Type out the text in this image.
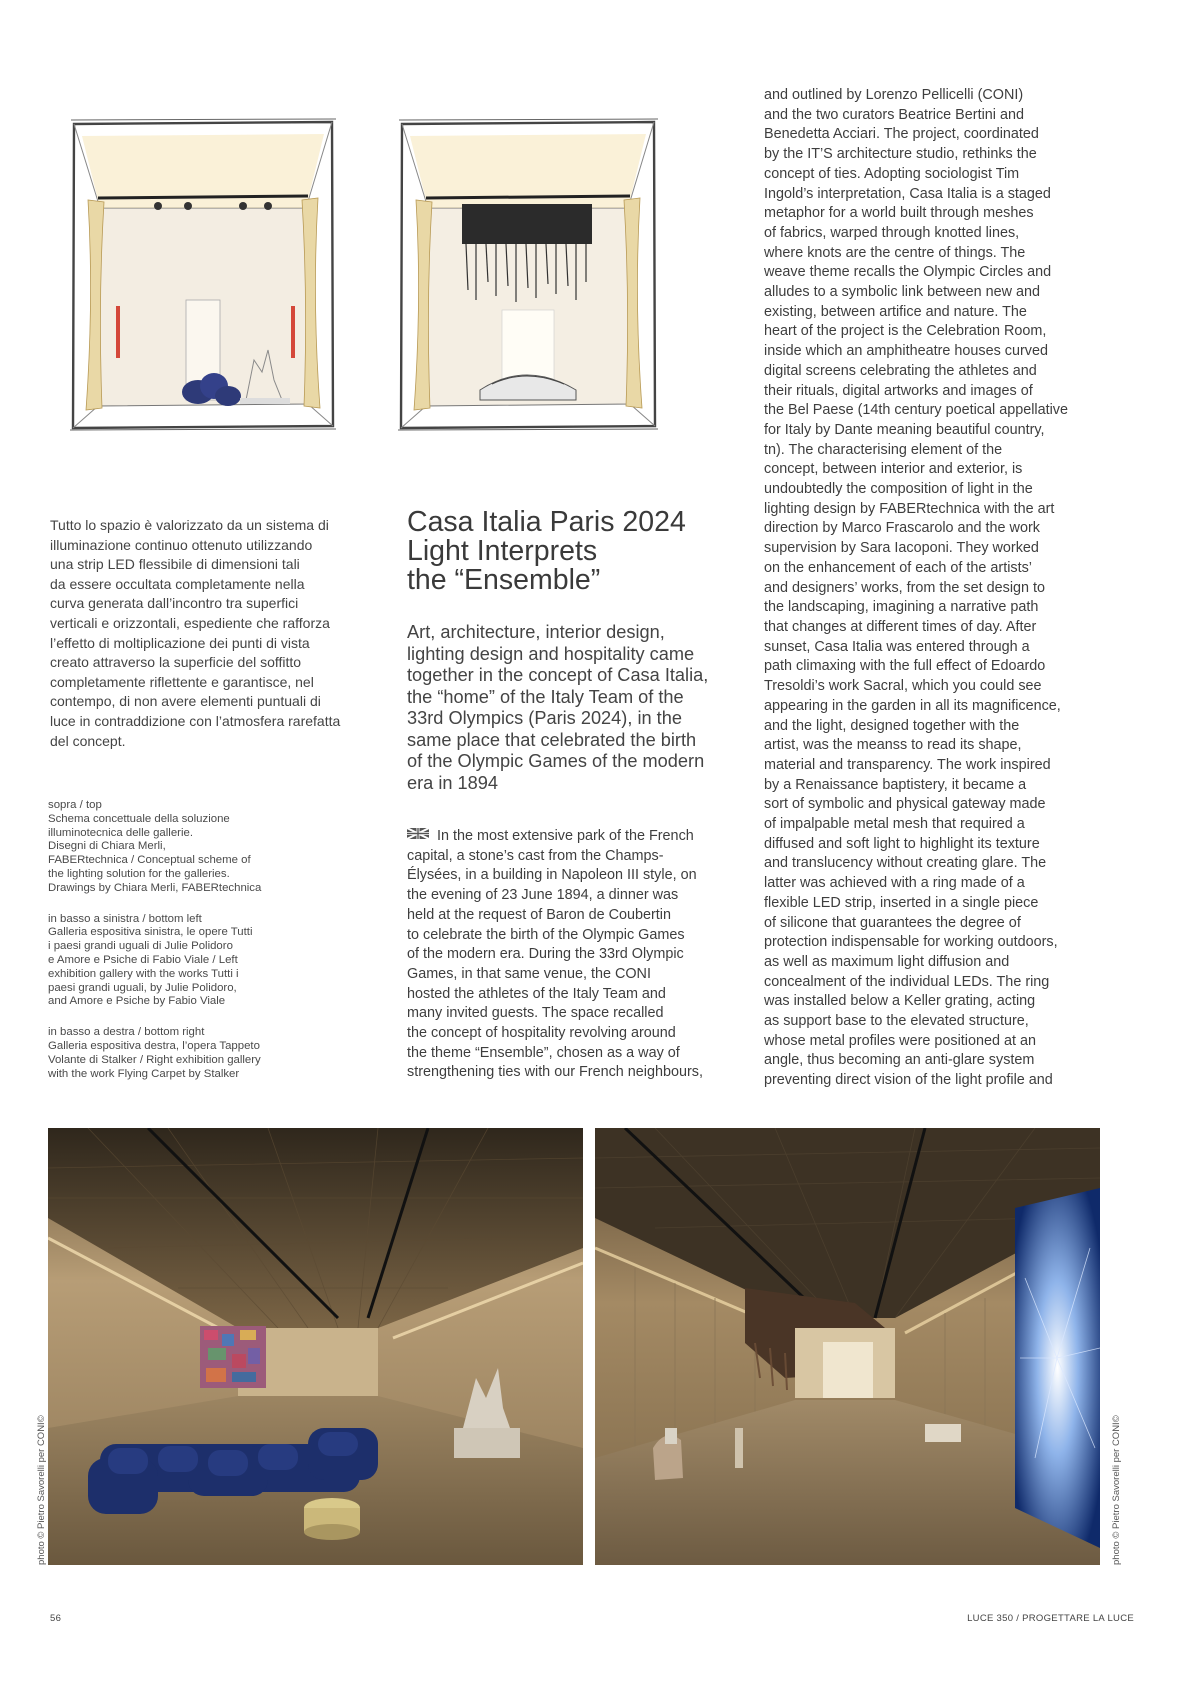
Tutto lo spazio è valorizzato da un sistema di
illuminazione continuo ottenuto utilizzando
una strip LED flessibile di dimensioni tali
da essere occultata completamente nella
curva generata dall’incontro tra superfici
verticali e orizzontali, espediente che rafforza
l’effetto di moltiplicazione dei punti di vista
creato attraverso la superficie del soffitto
completamente riflettente e garantisce, nel
contempo, di non avere elementi puntuali di
luce in contraddizione con l’atmosfera rarefatta
del concept.
sopra / top
Schema concettuale della soluzione
illuminotecnica delle gallerie.
Disegni di Chiara Merli,
FABERtechnica / Conceptual scheme of
the lighting solution for the galleries.
Drawings by Chiara Merli, FABERtechnica
in basso a sinistra / bottom left
Galleria espositiva sinistra, le opere Tutti
i paesi grandi uguali di Julie Polidoro
e Amore e Psiche di Fabio Viale / Left
exhibition gallery with the works Tutti i
paesi grandi uguali, by Julie Polidoro,
and Amore e Psiche by Fabio Viale
in basso a destra / bottom right
Galleria espositiva destra, l’opera Tappeto
Volante di Stalker / Right exhibition gallery
with the work Flying Carpet by Stalker
Casa Italia Paris 2024
Light Interprets
the “Ensemble”
Art, architecture, interior design,
lighting design and hospitality came
together in the concept of Casa Italia,
the “home” of the Italy Team of the
33rd Olympics (Paris 2024), in the
same place that celebrated the birth
of the Olympic Games of the modern
era in 1894
In the most extensive park of the French
capital, a stone’s cast from the Champs-
Élysées, in a building in Napoleon III style, on
the evening of 23 June 1894, a dinner was
held at the request of Baron de Coubertin
to celebrate the birth of the Olympic Games
of the modern era. During the 33rd Olympic
Games, in that same venue, the CONI
hosted the athletes of the Italy Team and
many invited guests. The space recalled
the concept of hospitality revolving around
the theme “Ensemble”, chosen as a way of
strengthening ties with our French neighbours,
and outlined by Lorenzo Pellicelli (CONI)
and the two curators Beatrice Bertini and
Benedetta Acciari. The project, coordinated
by the IT’S architecture studio, rethinks the
concept of ties. Adopting sociologist Tim
Ingold’s interpretation, Casa Italia is a staged
metaphor for a world built through meshes
of fabrics, warped through knotted lines,
where knots are the centre of things. The
weave theme recalls the Olympic Circles and
alludes to a symbolic link between new and
existing, between artifice and nature. The
heart of the project is the Celebration Room,
inside which an amphitheatre houses curved
digital screens celebrating the athletes and
their rituals, digital artworks and images of
the Bel Paese (14th century poetical appellative
for Italy by Dante meaning beautiful country,
tn). The characterising element of the
concept, between interior and exterior, is
undoubtedly the composition of light in the
lighting design by FABERtechnica with the art
direction by Marco Frascarolo and the work
supervision by Sara Iacoponi. They worked
on the enhancement of each of the artists’
and designers’ works, from the set design to
the landscaping, imagining a narrative path
that changes at different times of day. After
sunset, Casa Italia was entered through a
path climaxing with the full effect of Edoardo
Tresoldi’s work Sacral, which you could see
appearing in the garden in all its magnificence,
and the light, designed together with the
artist, was the meanss to read its shape,
material and transparency. The work inspired
by a Renaissance baptistery, it became a
sort of symbolic and physical gateway made
of impalpable metal mesh that required a
diffused and soft light to highlight its texture
and translucency without creating glare. The
latter was achieved with a ring made of a
flexible LED strip, inserted in a single piece
of silicone that guarantees the degree of
protection indispensable for working outdoors,
as well as maximum light diffusion and
concealment of the individual LEDs. The ring
was installed below a Keller grating, acting
as support base to the elevated structure,
whose metal profiles were positioned at an
angle, thus becoming an anti-glare system
preventing direct vision of the light profile and
photo © Pietro Savorelli per CONI©	photo © Pietro Savorelli per CONI©
56	LUCE 350 / PROGETTARE LA LUCE
